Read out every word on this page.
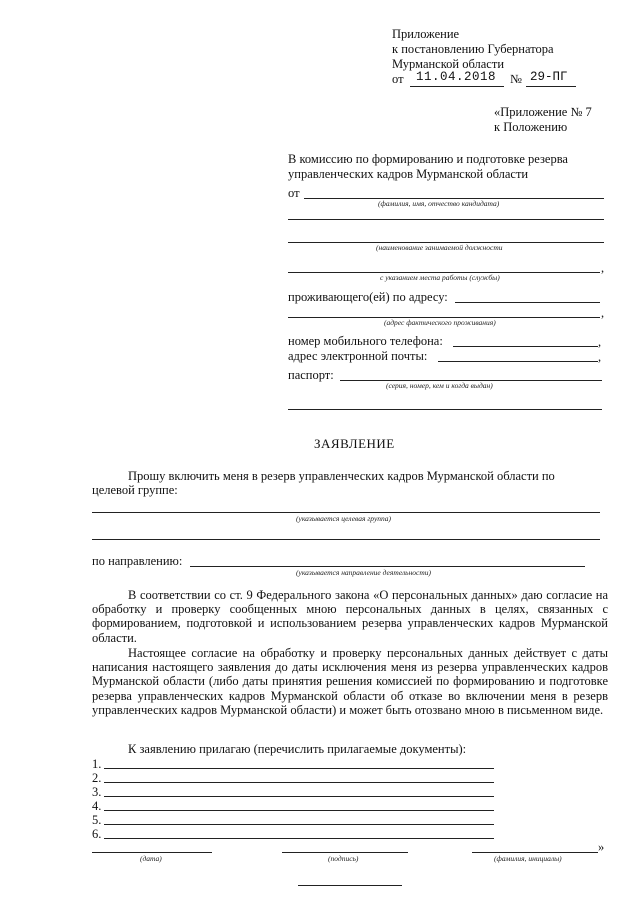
Приложение
к постановлению Губернатора
Мурманской области
от 11.04.2018 № 29-ПГ
«Приложение № 7
к Положению
В комиссию по формированию и подготовке резерва
управленческих кадров Мурманской области
от
(фамилия, имя, отчество кандидата)
(наименование занимаемой должности
,
с указанием места работы (службы)
проживающего(ей) по адресу:
,
(адрес фактического проживания)
номер мобильного телефона:	,
адрес электронной почты:	,
паспорт:
(серия, номер, кем и когда выдан)
ЗАЯВЛЕНИЕ
Прошу включить меня в резерв управленческих кадров Мурманской области по
целевой группе:
(указывается целевая группа)
по направлению:
(указывается направление деятельности)
В соответствии со ст. 9 Федерального закона «О персональных данных» даю согласие на обработку и проверку сообщенных мною персональных данных в целях, связанных с формированием, подготовкой и использованием резерва управленческих кадров Мурманской области.
Настоящее согласие на обработку и проверку персональных данных действует с даты написания настоящего заявления до даты исключения меня из резерва управленческих кадров Мурманской области (либо даты принятия решения комиссией по формированию и подготовке резерва управленческих кадров Мурманской области об отказе во включении меня в резерв управленческих кадров Мурманской области) и может быть отозвано мною в письменном виде.
К заявлению прилагаю (перечислить прилагаемые документы):
1.
2.
3.
4.
5.
6.
(дата)	(подпись)
»
(фамилия, инициалы)
